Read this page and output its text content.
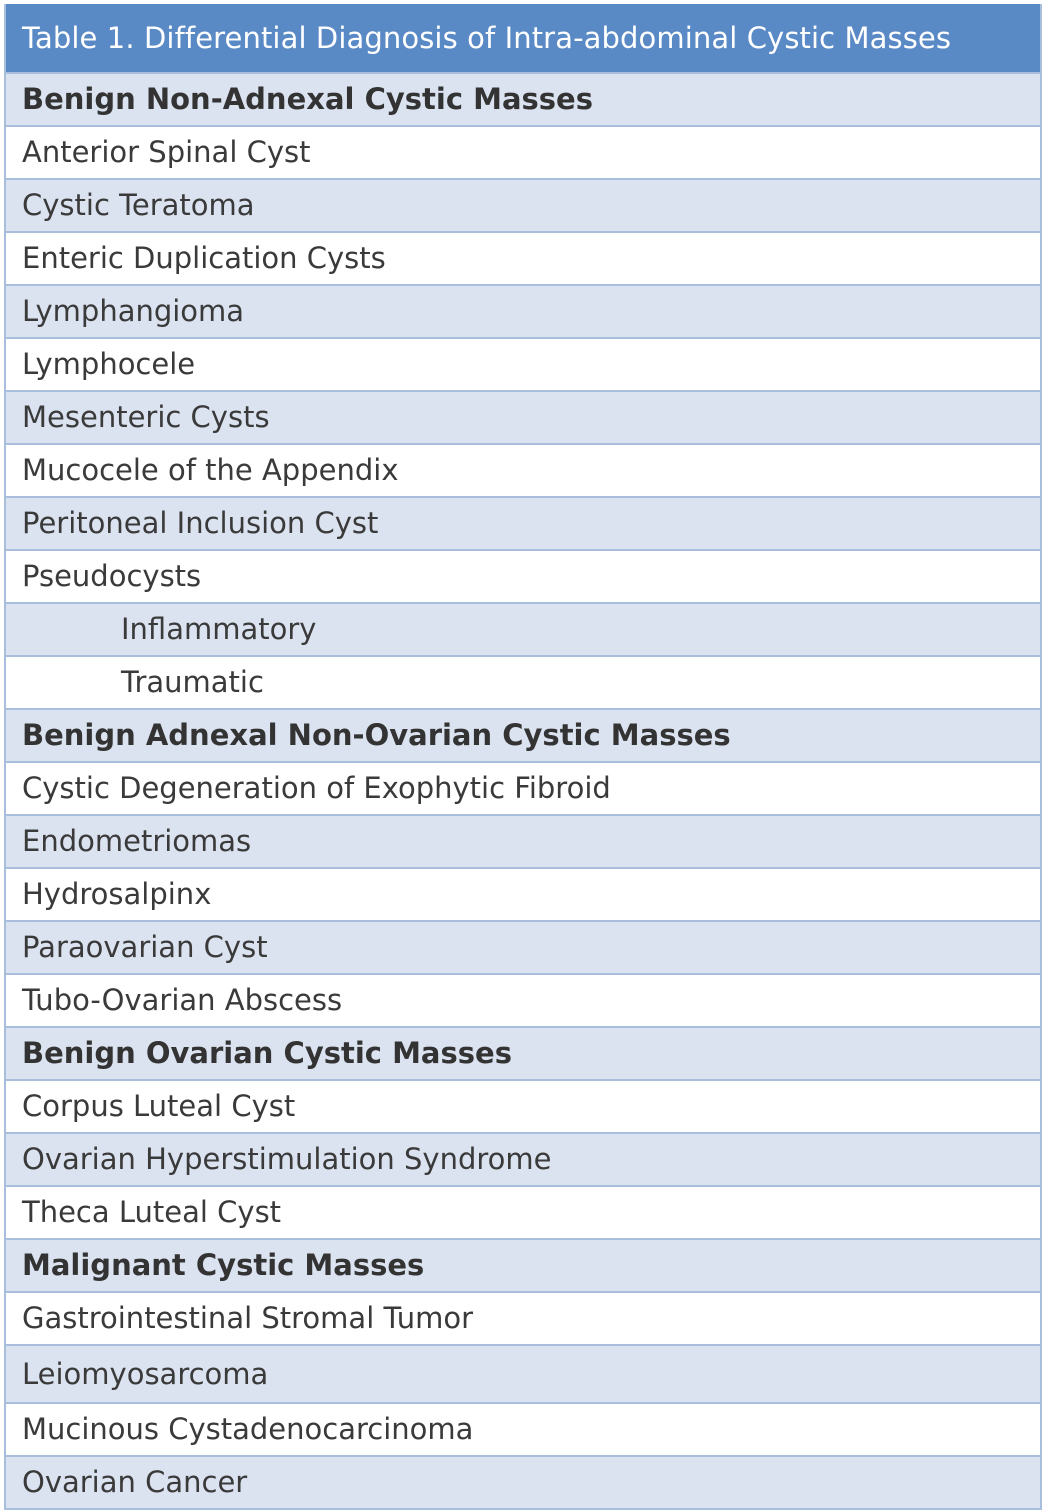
Table 1. Differential Diagnosis of Intra-abdominal Cystic Masses
Benign Non-Adnexal Cystic Masses
Anterior Spinal Cyst
Cystic Teratoma
Enteric Duplication Cysts
Lymphangioma
Lymphocele
Mesenteric Cysts
Mucocele of the Appendix
Peritoneal Inclusion Cyst
Pseudocysts
Inflammatory
Traumatic
Benign Adnexal Non-Ovarian Cystic Masses
Cystic Degeneration of Exophytic Fibroid
Endometriomas
Hydrosalpinx
Paraovarian Cyst
Tubo-Ovarian Abscess
Benign Ovarian Cystic Masses
Corpus Luteal Cyst
Ovarian Hyperstimulation Syndrome
Theca Luteal Cyst
Malignant Cystic Masses
Gastrointestinal Stromal Tumor
Leiomyosarcoma
Mucinous Cystadenocarcinoma
Ovarian Cancer
